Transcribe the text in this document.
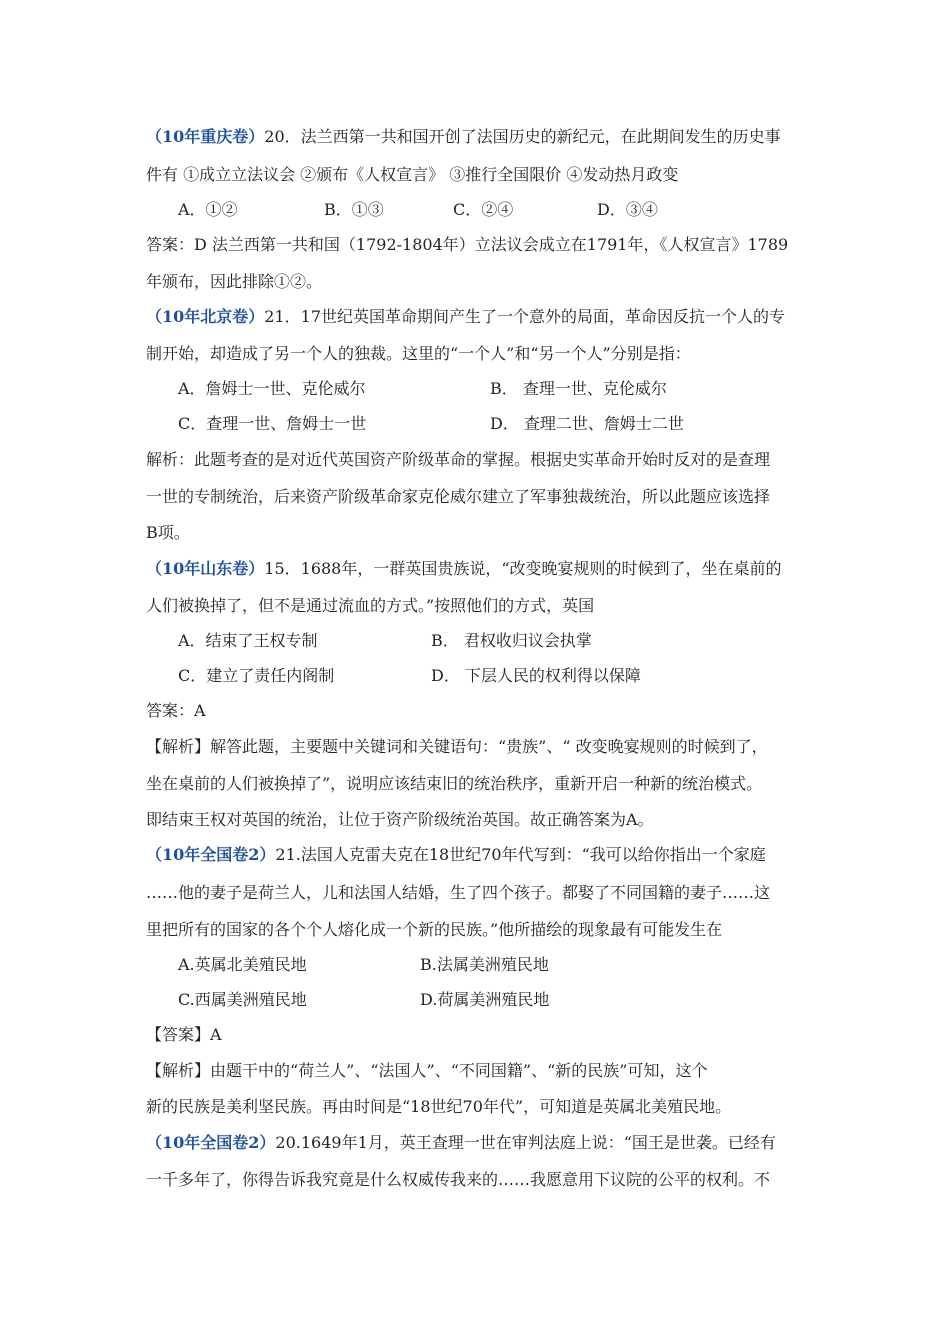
（10年重庆卷）20．法兰西第一共和国开创了法国历史的新纪元，在此期间发生的历史事
件有 ①成立立法议会 ②颁布《人权宣言》 ③推行全国限价 ④发动热月政变
A．①②	B．①③	C．②④	D．③④
答案：D 法兰西第一共和国（1792-1804年）立法议会成立在1791年，《人权宣言》1789
年颁布，因此排除①②。
（10年北京卷）21．17世纪英国革命期间产生了一个意外的局面，革命因反抗一个人的专
制开始，却造成了另一个人的独裁。这里的“一个人”和“另一个人”分别是指：
A．詹姆士一世、克伦威尔	B． 查理一世、克伦威尔
C．查理一世、詹姆士一世	D． 查理二世、詹姆士二世
解析：此题考查的是对近代英国资产阶级革命的掌握。根据史实革命开始时反对的是查理
一世的专制统治，后来资产阶级革命家克伦威尔建立了军事独裁统治，所以此题应该选择
B项。
（10年山东卷）15．1688年，一群英国贵族说，“改变晚宴规则的时候到了，坐在桌前的
人们被换掉了，但不是通过流血的方式。”按照他们的方式，英国
A．结束了王权专制	B． 君权收归议会执掌
C．建立了责任内阁制	D． 下层人民的权利得以保障
答案：A
【解析】解答此题，主要题中关键词和关键语句：“贵族”、“ 改变晚宴规则的时候到了，
坐在桌前的人们被换掉了”，说明应该结束旧的统治秩序，重新开启一种新的统治模式。
即结束王权对英国的统治，让位于资产阶级统治英国。故正确答案为A。
（10年全国卷2）21.法国人克雷夫克在18世纪70年代写到：“我可以给你指出一个家庭
……他的妻子是荷兰人，儿和法国人结婚，生了四个孩子。都娶了不同国籍的妻子……这
里把所有的国家的各个个人熔化成一个新的民族。”他所描绘的现象最有可能发生在
A.英属北美殖民地	B.法属美洲殖民地
C.西属美洲殖民地	D.荷属美洲殖民地
【答案】A
【解析】由题干中的“荷兰人”、“法国人”、“不同国籍”、“新的民族”可知，这个
新的民族是美利坚民族。再由时间是“18世纪70年代”，可知道是英属北美殖民地。
（10年全国卷2）20.1649年1月，英王查理一世在审判法庭上说：“国王是世袭。已经有
一千多年了，你得告诉我究竟是什么权威传我来的……我愿意用下议院的公平的权利。不
